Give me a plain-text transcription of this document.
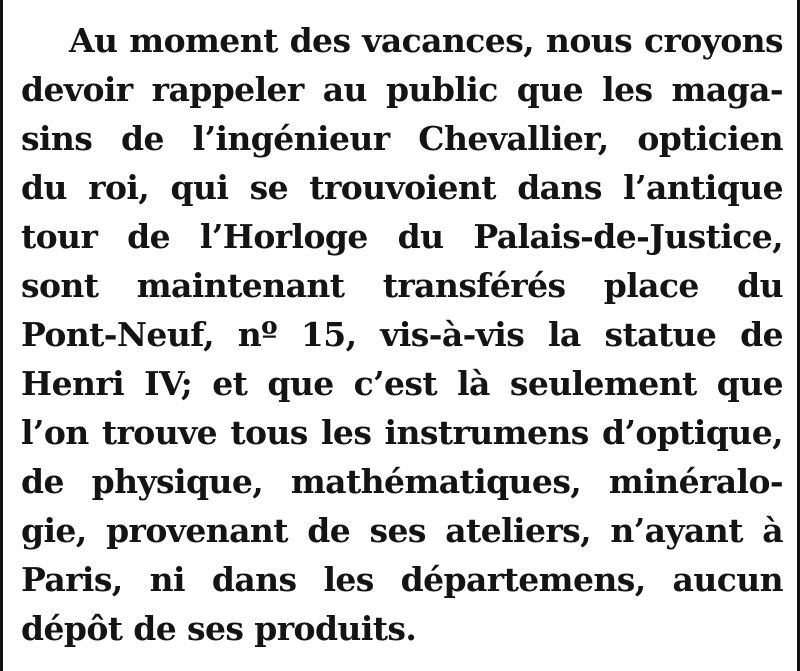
Au moment des vacances, nous croyons
devoir rappeler au public que les maga-
sins de l’ingénieur Chevallier, opticien
du roi, qui se trouvoient dans l’antique
tour de l’Horloge du Palais-de-Justice,
sont maintenant transférés place du
Pont-Neuf, nº 15, vis-à-vis la statue de
Henri IV; et que c’est là seulement que
l’on trouve tous les instrumens d’optique,
de physique, mathématiques, minéralo-
gie, provenant de ses ateliers, n’ayant à
Paris, ni dans les départemens, aucun
dépôt de ses produits.
